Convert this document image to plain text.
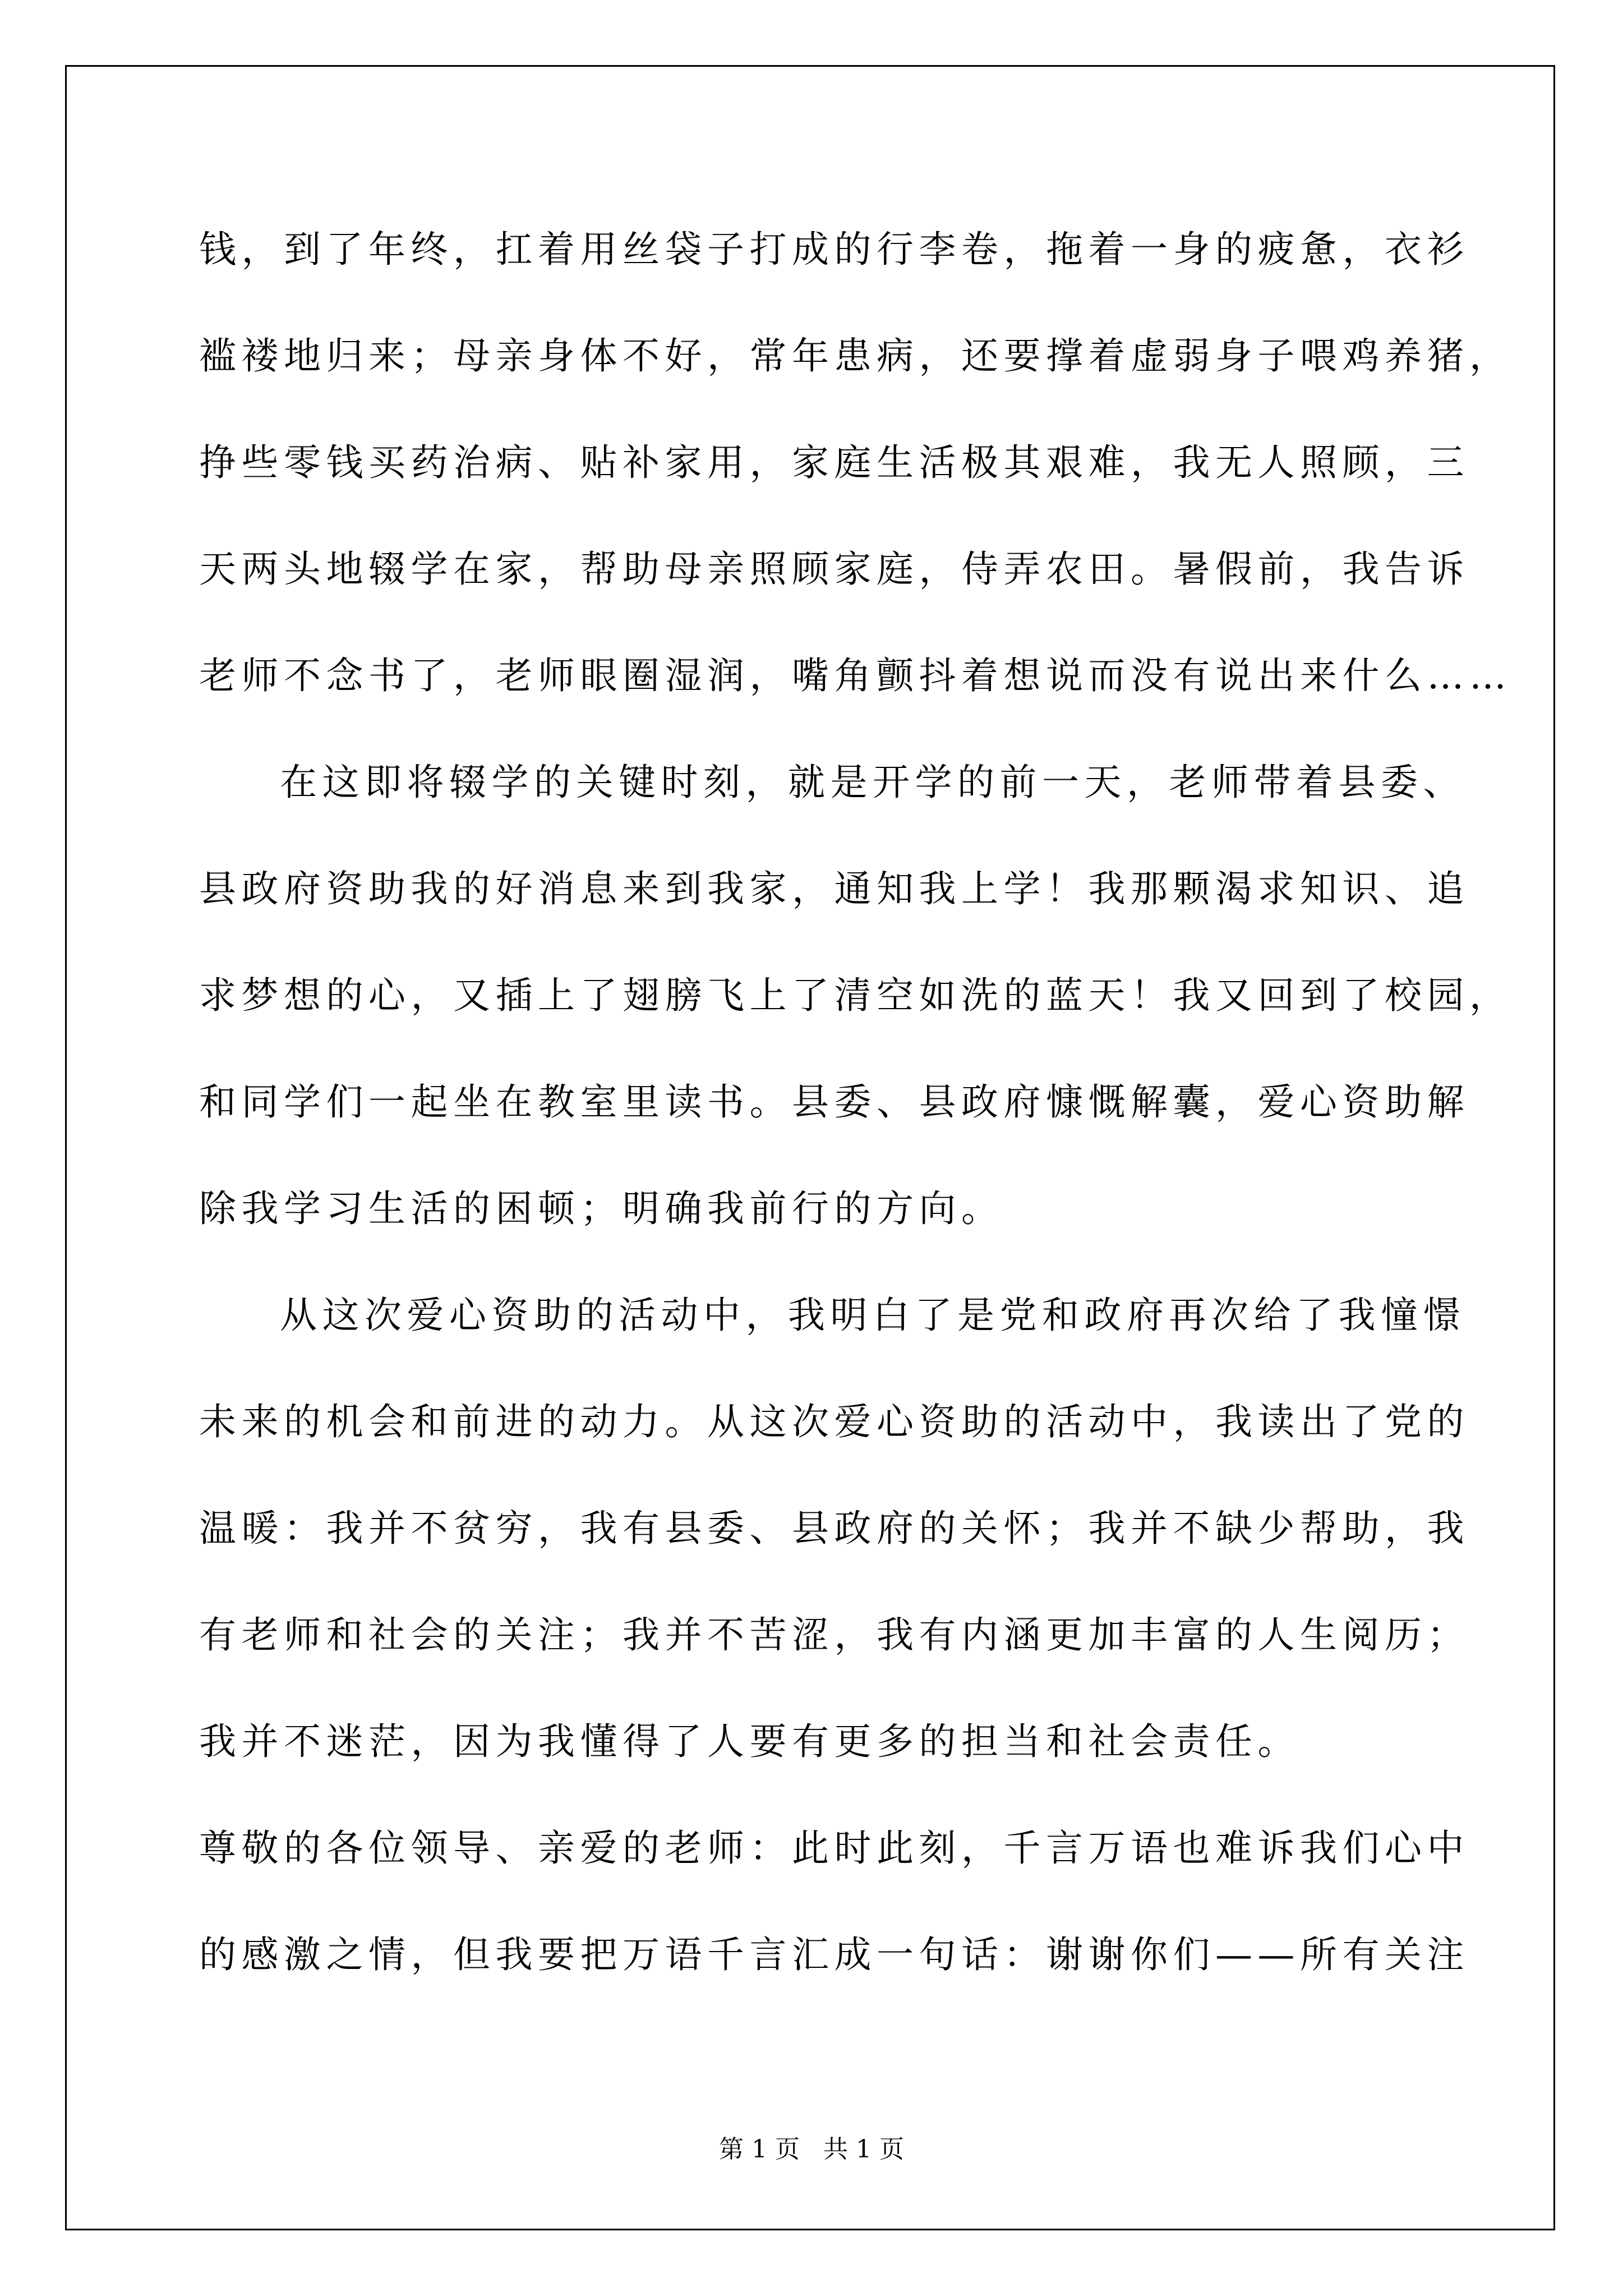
钱，到了年终，扛着用丝袋子打成的行李卷，拖着一身的疲惫，衣衫
褴褛地归来；母亲身体不好，常年患病，还要撑着虚弱身子喂鸡养猪，
挣些零钱买药治病、贴补家用，家庭生活极其艰难，我无人照顾，三
天两头地辍学在家，帮助母亲照顾家庭，侍弄农田。暑假前，我告诉
老师不念书了，老师眼圈湿润，嘴角颤抖着想说而没有说出来什么……
在这即将辍学的关键时刻，就是开学的前一天，老师带着县委、
县政府资助我的好消息来到我家，通知我上学！我那颗渴求知识、追
求梦想的心，又插上了翅膀飞上了清空如洗的蓝天！我又回到了校园，
和同学们一起坐在教室里读书。县委、县政府慷慨解囊，爱心资助解
除我学习生活的困顿；明确我前行的方向。
从这次爱心资助的活动中，我明白了是党和政府再次给了我憧憬
未来的机会和前进的动力。从这次爱心资助的活动中，我读出了党的
温暖：我并不贫穷，我有县委、县政府的关怀；我并不缺少帮助，我
有老师和社会的关注；我并不苦涩，我有内涵更加丰富的人生阅历；
我并不迷茫，因为我懂得了人要有更多的担当和社会责任。
尊敬的各位领导、亲爱的老师：此时此刻，千言万语也难诉我们心中
的感激之情，但我要把万语千言汇成一句话：谢谢你们——所有关注
第 1 页   共 1 页
